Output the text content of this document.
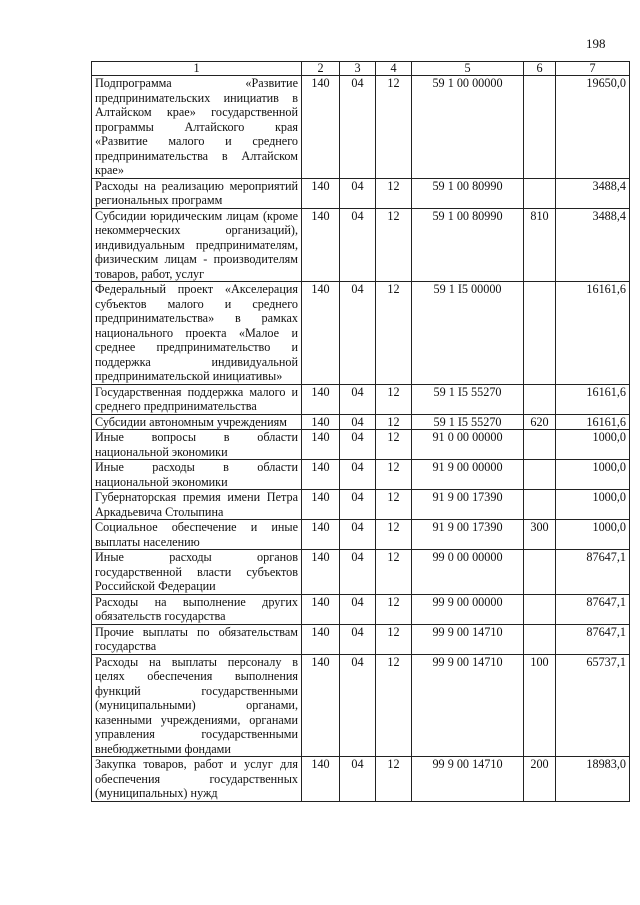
198
1	2	3	4	5	6	7
Подпрограмма «Развитие предпринимательских инициатив в Алтайском крае» государственной программы Алтайского края «Развитие малого и среднего предпринимательства в Алтайском крае»	140	04	12	59 1 00 00000		19650,0
Расходы на реализацию мероприятий региональных программ	140	04	12	59 1 00 80990		3488,4
Субсидии юридическим лицам (кроме некоммерческих организаций), индивидуальным предпринимателям, физическим лицам - производителям товаров, работ, услуг	140	04	12	59 1 00 80990	810	3488,4
Федеральный проект «Акселерация субъектов малого и среднего предпринимательства» в рамках национального проекта «Малое и среднее предпринимательство и поддержка индивидуальной предпринимательской инициативы»	140	04	12	59 1 I5 00000		16161,6
Государственная поддержка малого и среднего предпринимательства	140	04	12	59 1 I5 55270		16161,6
Субсидии автономным учреждениям	140	04	12	59 1 I5 55270	620	16161,6
Иные вопросы в области национальной экономики	140	04	12	91 0 00 00000		1000,0
Иные расходы в области национальной экономики	140	04	12	91 9 00 00000		1000,0
Губернаторская премия имени Петра Аркадьевича Столыпина	140	04	12	91 9 00 17390		1000,0
Социальное обеспечение и иные выплаты населению	140	04	12	91 9 00 17390	300	1000,0
Иные расходы органов государственной власти субъектов Российской Федерации	140	04	12	99 0 00 00000		87647,1
Расходы на выполнение других обязательств государства	140	04	12	99 9 00 00000		87647,1
Прочие выплаты по обязательствам государства	140	04	12	99 9 00 14710		87647,1
Расходы на выплаты персоналу в целях обеспечения выполнения функций государственными (муниципальными) органами, казенными учреждениями, органами управления государственными внебюджетными фондами	140	04	12	99 9 00 14710	100	65737,1
Закупка товаров, работ и услуг для обеспечения государственных (муниципальных) нужд	140	04	12	99 9 00 14710	200	18983,0
